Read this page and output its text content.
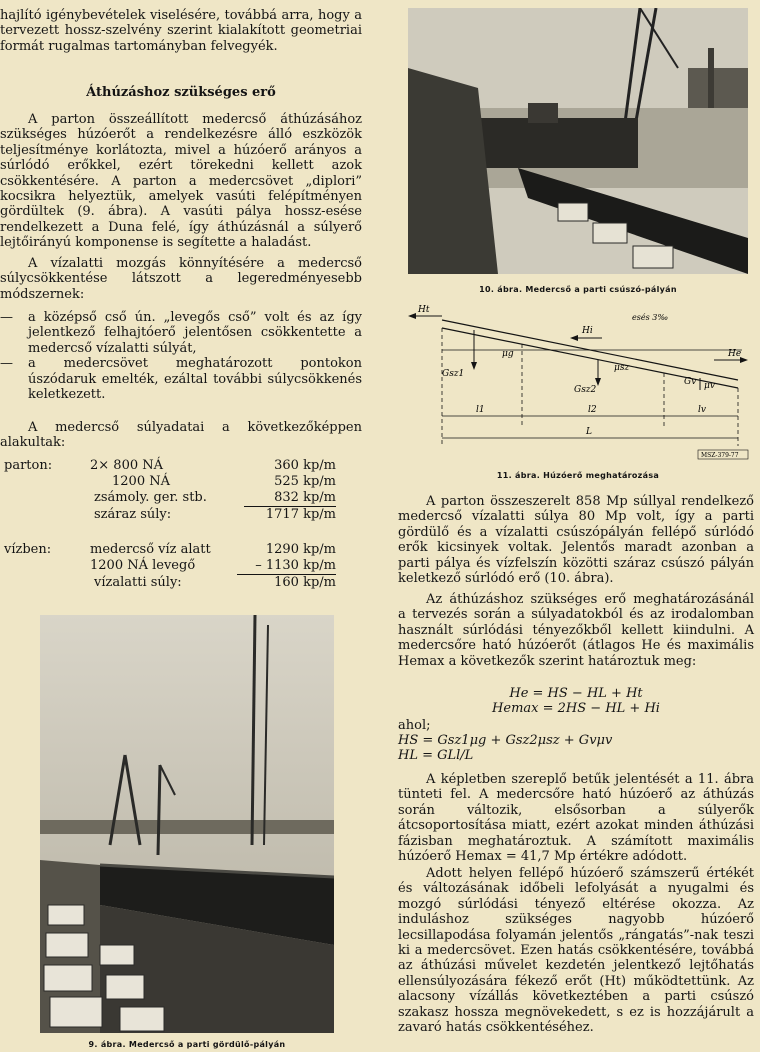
hajlító igénybevételek viselésére, továbbá arra, hogy a tervezett hossz-szelvény szerint kialakított geometriai formát rugalmas tartományban felvegyék.

Áthúzáshoz szükséges erő

A parton összeállított medercső áthúzásához szükséges húzóerőt a rendelkezésre álló eszközök teljesítménye korlátozta, mivel a húzóerő arányos a súrlódó erőkkel, ezért törekedni kellett azok csökkentésére. A parton a medercsövet „diplori” kocsikra helyeztük, amelyek vasúti felépítményen gördültek (9. ábra). A vasúti pálya hossz-esése rendelkezett a Duna felé, így áthúzásnál a súlyerő lejtőirányú komponense is segítette a haladást.

A vízalatti mozgás könnyítésére a medercső súlycsökkentése látszott a legeredményesebb módszernek:

— a középső cső ún. „levegős cső” volt és az így jelentkező felhajtóerő jelentősen csökkentette a medercső vízalatti súlyát,
— a medercsövet meghatározott pontokon úszódaruk emelték, ezáltal további súlycsökkenés keletkezett.

A medercső súlyadatai a következőképpen alakultak:

parton:	2× 800 NÁ	360 kp/m
	1200 NÁ	525 kp/m
	zsámoly. ger. stb.	832 kp/m
	száraz súly:	1717 kp/m
vízben:	medercső víz alatt	1290 kp/m
	1200 NÁ levegő	– 1130 kp/m
	vízalatti súly:	160 kp/m

9. ábra. Medercső a parti gördülő-pályán

10. ábra. Medercső a parti csúszó-pályán

Ht
He
Hi
esés 3‰
Gsz1
μg
Gsz2
μsz
Gv μv
l1	l2	lv
L
MSZ-379-77

11. ábra. Húzóerő meghatározása

A parton összeszerelt 858 Mp súllyal rendelkező medercső vízalatti súlya 80 Mp volt, így a parti gördülő és a vízalatti csúszópályán fellépő súrlódó erők kicsinyek voltak. Jelentős maradt azonban a parti pálya és vízfelszín közötti száraz csúszó pályán keletkező súrlódó erő (10. ábra).

Az áthúzáshoz szükséges erő meghatározásánál a tervezés során a súlyadatokból és az irodalomban használt súrlódási tényezőkből kellett kiindulni. A medercsőre ható húzóerőt (átlagos He és maximális Hemax a következők szerint határoztuk meg:

He = HS − HL + Ht
Hemax = 2HS − HL + Hi

ahol;

HS = Gsz1μg + Gsz2μsz + Gvμv
HL = GLl/L

A képletben szereplő betűk jelentését a 11. ábra tünteti fel. A medercsőre ható húzóerő az áthúzás során változik, elsősorban a súlyerők átcsoportosítása miatt, ezért azokat minden áthúzási fázisban meghatároztuk. A számított maximális húzóerő Hemax = 41,7 Mp értékre adódott.

Adott helyen fellépő húzóerő számszerű értékét és változásának időbeli lefolyását a nyugalmi és mozgó súrlódási tényező eltérése okozza. Az induláshoz szükséges nagyobb húzóerő lecsillapodása folyamán jelentős „rángatás”-nak teszi ki a medercsövet. Ezen hatás csökkentésére, továbbá az áthúzási művelet kezdetén jelentkező lejtőhatás ellensúlyozására fékező erőt (Ht) működtettünk. Az alacsony vízállás következtében a parti csúszó szakasz hossza megnövekedett, s ez is hozzájárult a zavaró hatás csökkentéséhez.
